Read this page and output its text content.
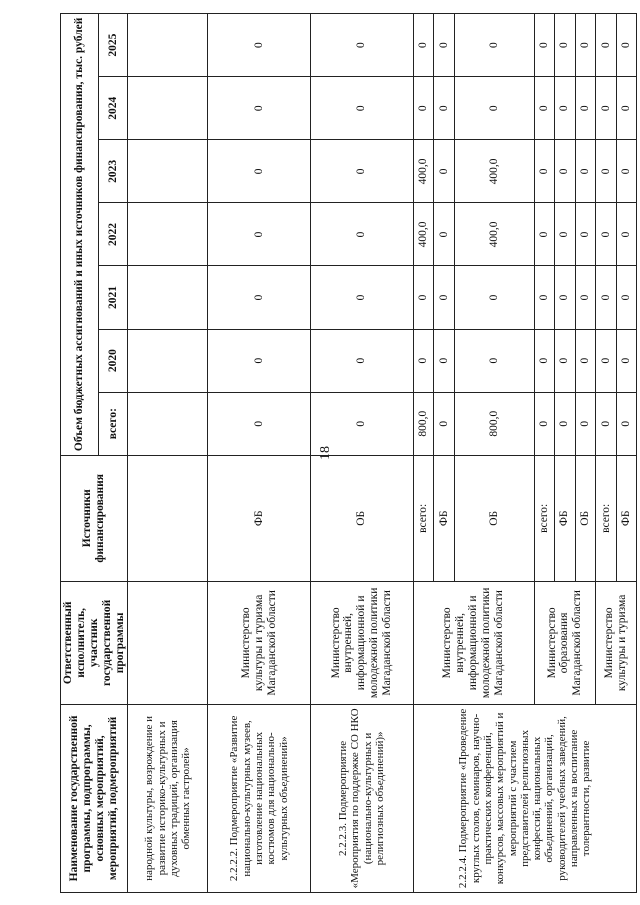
18
Наименование государственной программы, подпрограммы, основных мероприятий, мероприятий, подмероприятий	Ответственный исполнитель, участник государственной программы	Источники финансирования	Объем бюджетных ассигнований и иных источников финансирования, тыс. рублей						
			всего:	2020	2021	2022	2023	2024	2025
народной культуры, возрождение и развитие историко-культурных и духовных традиций, организация обменных гастролей»									
2.2.2.2. Подмероприятие «Развитие национально-культурных музеев, изготовление национальных костюмов для национально-культурных объединений»	Министерство культуры и туризма Магаданской области	ФБ	0	0	0	0	0	0	0
2.2.2.3. Подмероприятие «Мероприятия по поддержке СО НКО (национально-культурных и религиозных объединений)»	Министерство внутренней, информационной и молодежной политики Магаданской области	ОБ	0	0	0	0	0	0	0
2.2.2.4. Подмероприятие «Проведение круглых столов, семинаров, научно-практических конференций, конкурсов, массовых мероприятий и мероприятий с участием представителей религиозных конфессий, национальных объединений, организаций, руководителей учебных заведений, направленных на воспитание толерантности, развитие	Министерство внутренней, информационной и молодежной политики Магаданской области	всего:	800,0	0	0	400,0	400,0	0	0
		ФБ	0	0	0	0	0	0	0
		ОБ	800,0	0	0	400,0	400,0	0	0
	Министерство образования Магаданской области	всего:	0	0	0	0	0	0	0
		ФБ	0	0	0	0	0	0	0
		ОБ	0	0	0	0	0	0	0
	Министерство культуры и туризма	всего:	0	0	0	0	0	0	0
		ФБ	0	0	0	0	0	0	0
